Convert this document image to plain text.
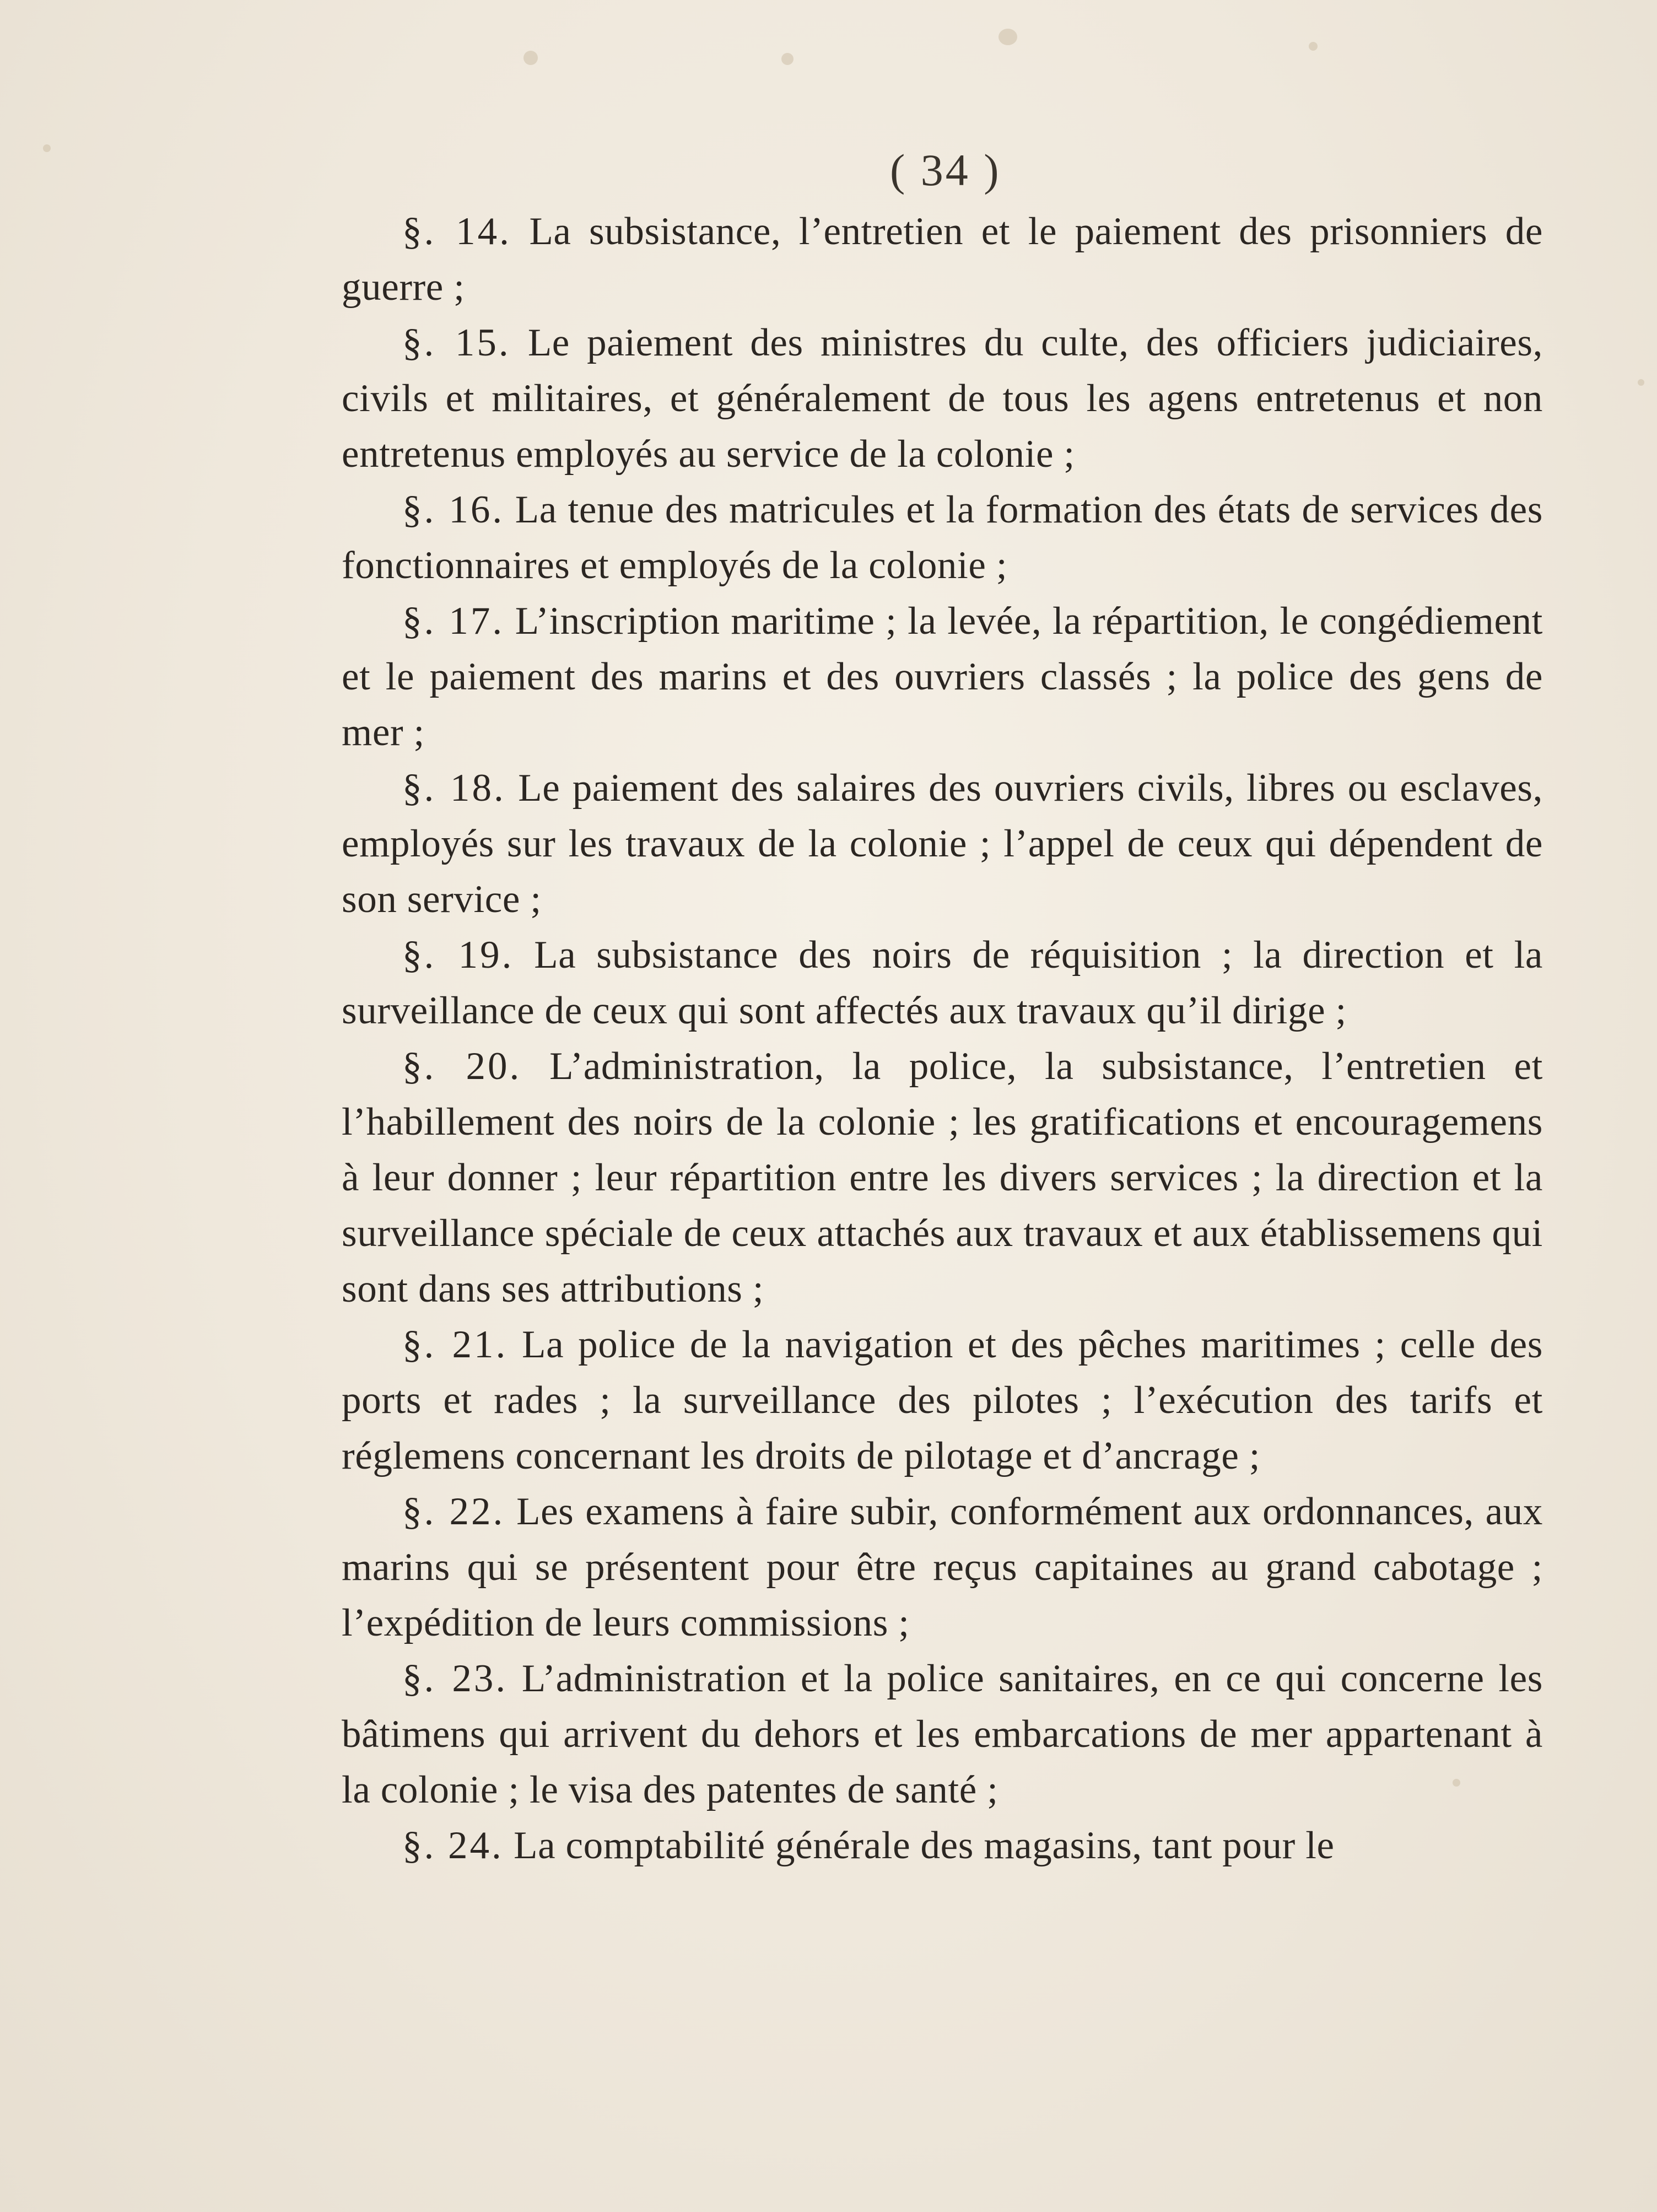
( 34 )

§. 14. La subsistance, l’entretien et le paiement des prisonniers de guerre ;

§. 15. Le paiement des ministres du culte, des officiers judiciaires, civils et militaires, et généralement de tous les agens entretenus et non entretenus employés au service de la colonie ;

§. 16. La tenue des matricules et la formation des états de services des fonctionnaires et employés de la colonie ;

§. 17. L’inscription maritime ; la levée, la répartition, le congédiement et le paiement des marins et des ouvriers classés ; la police des gens de mer ;

§. 18. Le paiement des salaires des ouvriers civils, libres ou esclaves, employés sur les travaux de la colonie ; l’appel de ceux qui dépendent de son service ;

§. 19. La subsistance des noirs de réquisition ; la direction et la surveillance de ceux qui sont affectés aux travaux qu’il dirige ;

§. 20. L’administration, la police, la subsistance, l’entretien et l’habillement des noirs de la colonie ; les gratifications et encouragemens à leur donner ; leur répartition entre les divers services ; la direction et la surveillance spéciale de ceux attachés aux travaux et aux établissemens qui sont dans ses attributions ;

§. 21. La police de la navigation et des pêches maritimes ; celle des ports et rades ; la surveillance des pilotes ; l’exécution des tarifs et réglemens concernant les droits de pilotage et d’ancrage ;

§. 22. Les examens à faire subir, conformément aux ordonnances, aux marins qui se présentent pour être reçus capitaines au grand cabotage ; l’expédition de leurs commissions ;

§. 23. L’administration et la police sanitaires, en ce qui concerne les bâtimens qui arrivent du dehors et les embarcations de mer appartenant à la colonie ; le visa des patentes de santé ;

§. 24. La comptabilité générale des magasins, tant pour le
